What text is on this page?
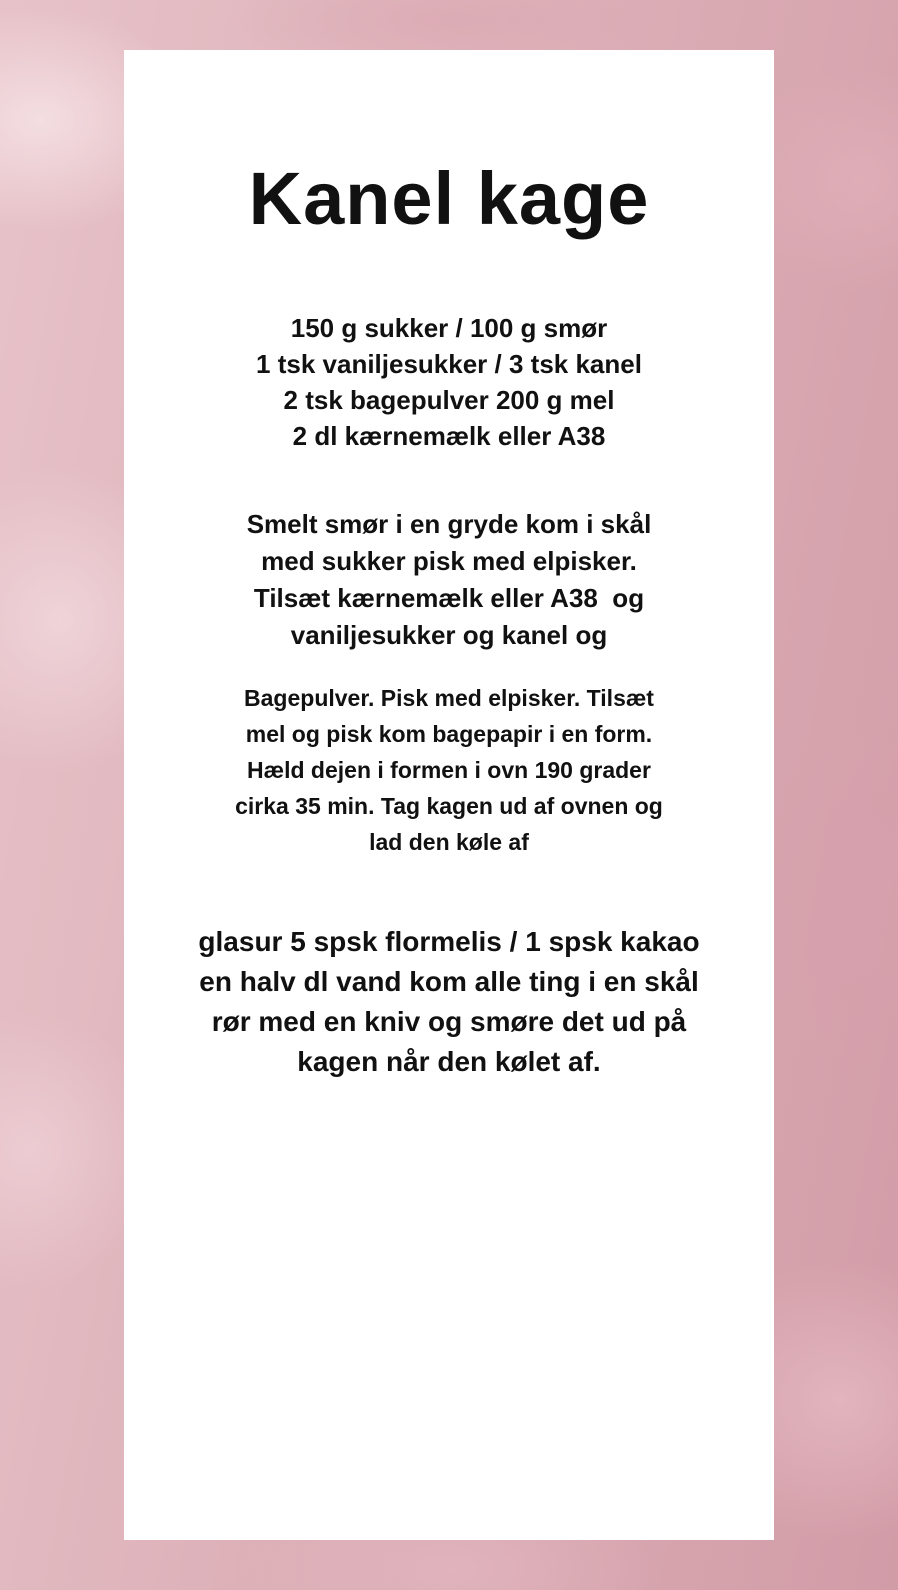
Kanel kage
150 g sukker / 100 g smør
1 tsk vaniljesukker / 3 tsk kanel
2 tsk bagepulver 200 g mel
2 dl kærnemælk eller A38
Smelt smør i en gryde kom i skål
med sukker pisk med elpisker.
Tilsæt kærnemælk eller A38  og
vaniljesukker og kanel og
Bagepulver. Pisk med elpisker. Tilsæt
mel og pisk kom bagepapir i en form.
Hæld dejen i formen i ovn 190 grader
cirka 35 min. Tag kagen ud af ovnen og
lad den køle af
glasur 5 spsk flormelis / 1 spsk kakao
en halv dl vand kom alle ting i en skål
rør med en kniv og smøre det ud på
kagen når den kølet af.
